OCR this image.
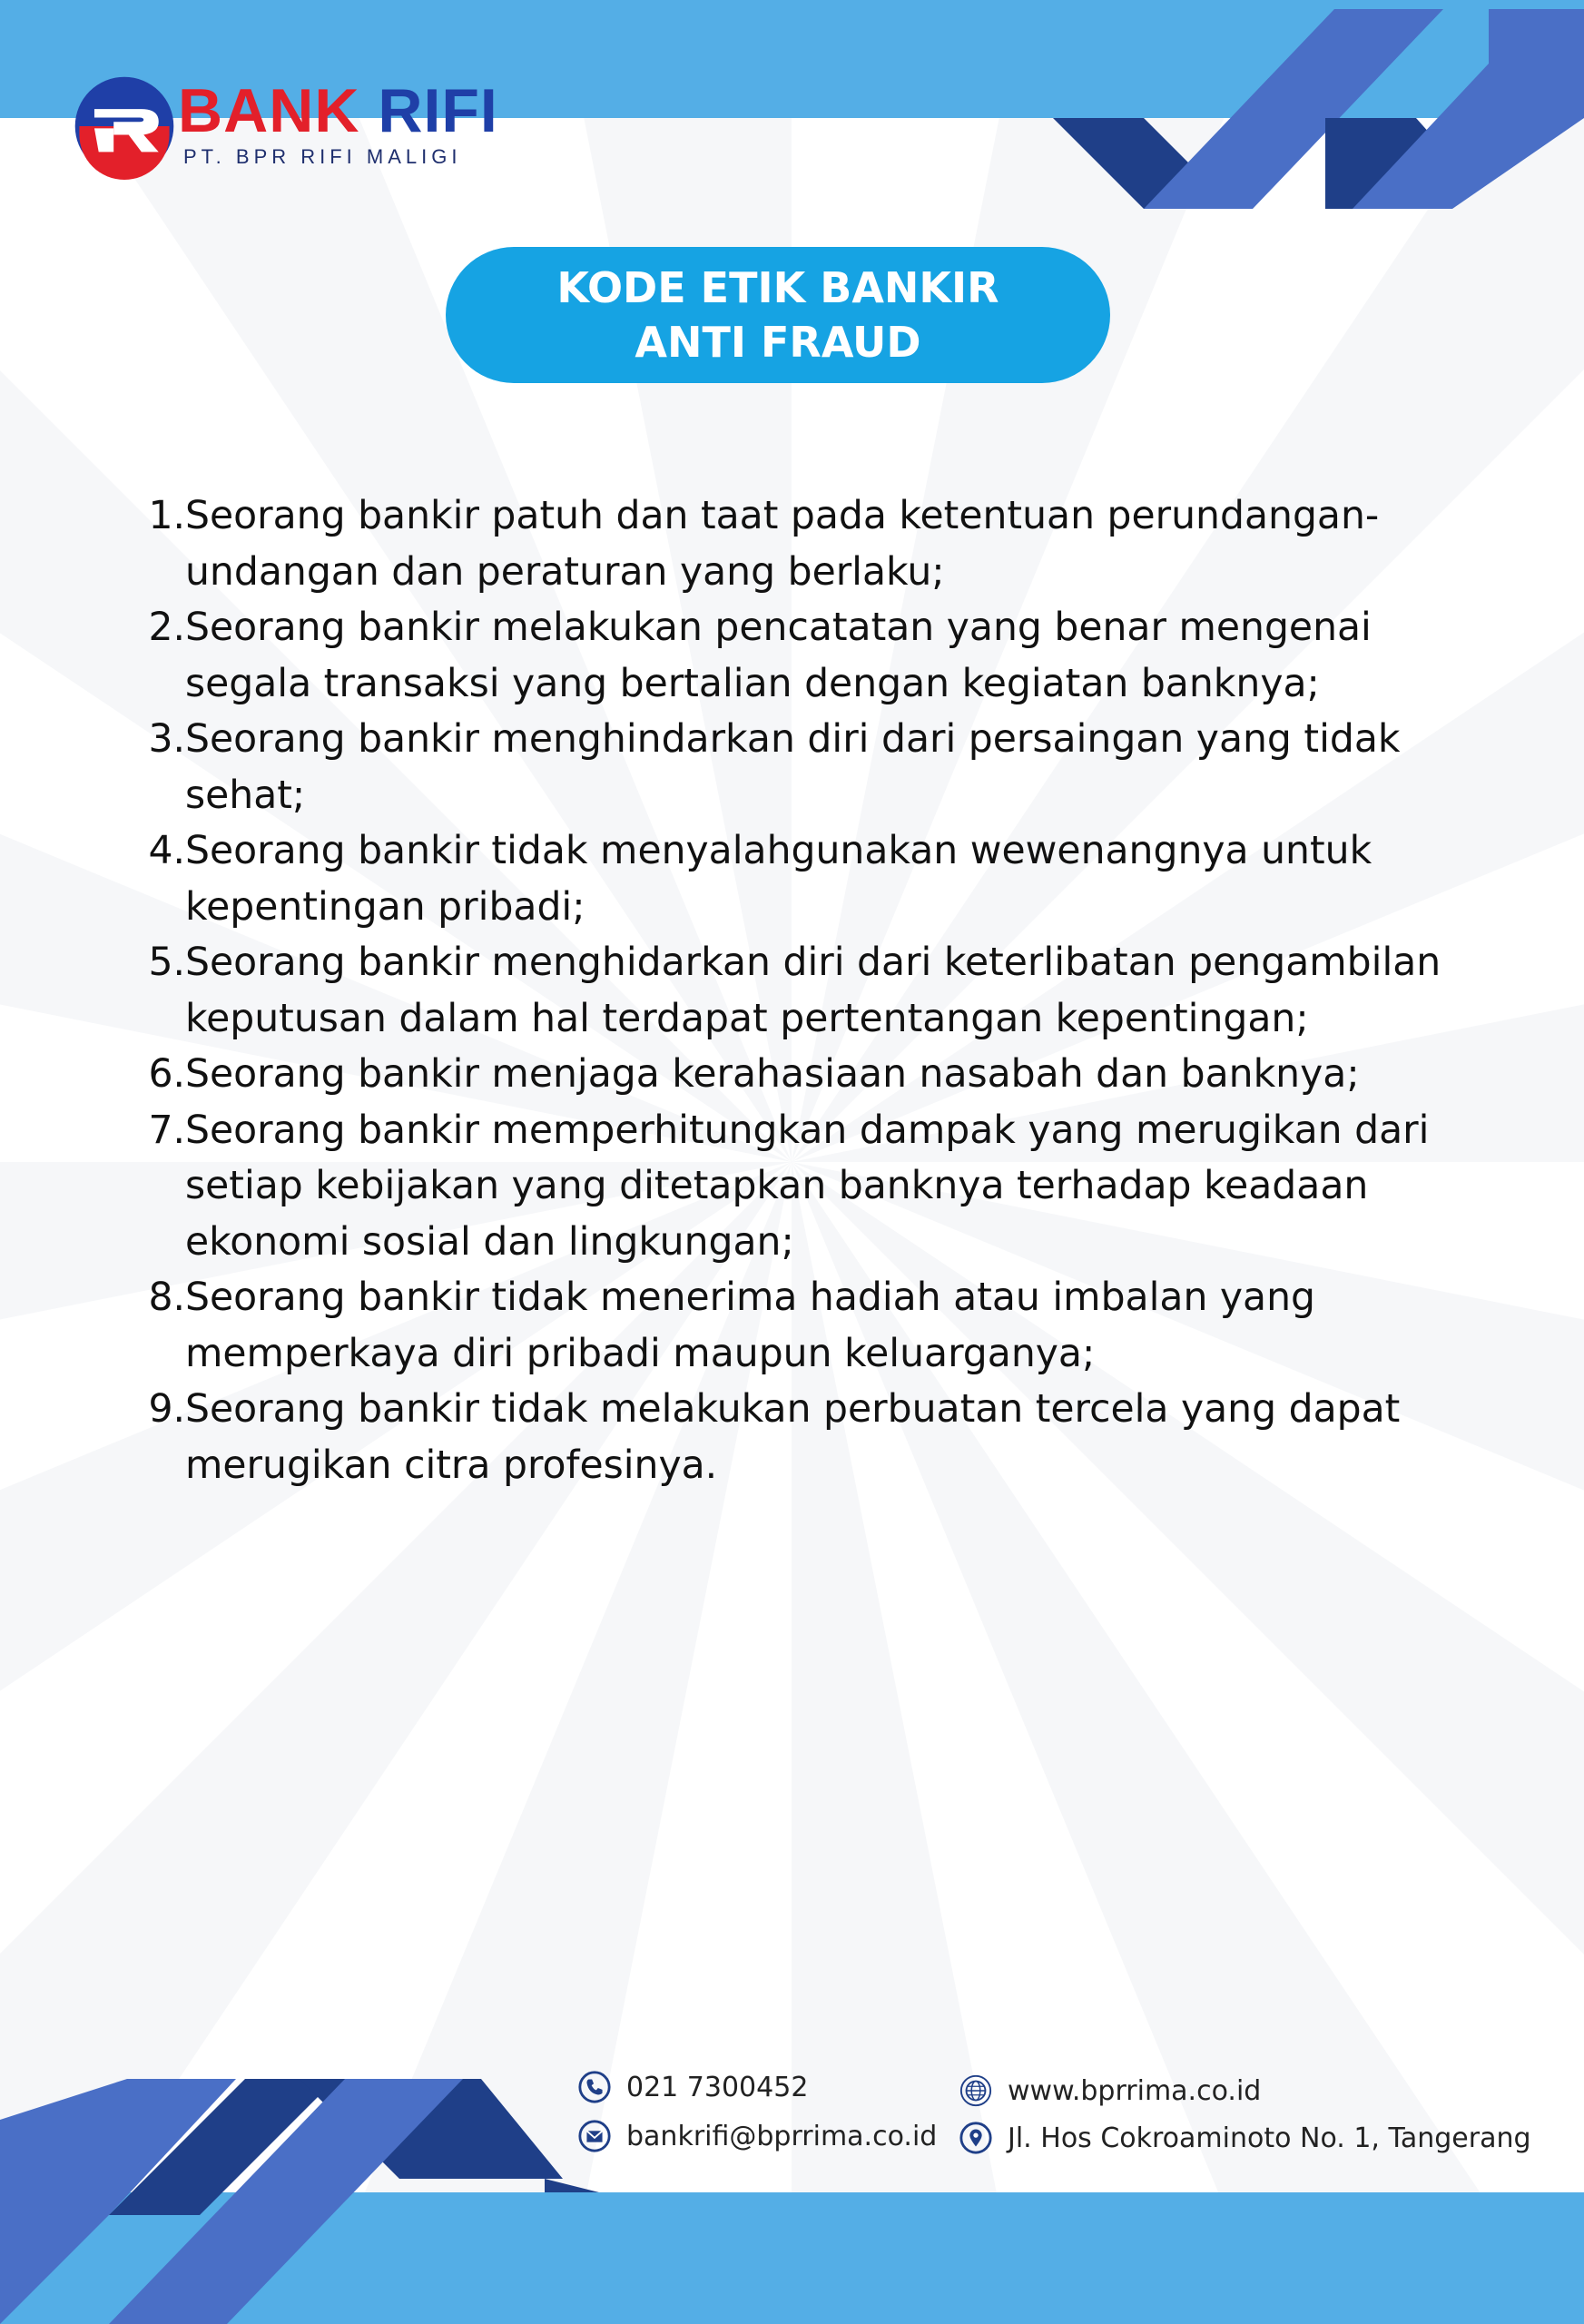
BANK RIFI
PT. BPR RIFI MALIGI
KODE ETIK BANKIR
ANTI FRAUD
1. Seorang bankir patuh dan taat pada ketentuan perundangan-undangan dan peraturan yang berlaku;
2. Seorang bankir melakukan pencatatan yang benar mengenai segala transaksi yang bertalian dengan kegiatan banknya;
3. Seorang bankir menghindarkan diri dari persaingan yang tidak sehat;
4. Seorang bankir tidak menyalahgunakan wewenangnya untuk kepentingan pribadi;
5. Seorang bankir menghidarkan diri dari keterlibatan pengambilan keputusan dalam hal terdapat pertentangan kepentingan;
6. Seorang bankir menjaga kerahasiaan nasabah dan banknya;
7. Seorang bankir memperhitungkan dampak yang merugikan dari setiap kebijakan yang ditetapkan banknya terhadap keadaan ekonomi sosial dan lingkungan;
8. Seorang bankir tidak menerima hadiah atau imbalan yang memperkaya diri pribadi maupun keluarganya;
9. Seorang bankir tidak melakukan perbuatan tercela yang dapat merugikan citra profesinya.
021 7300452
bankrifi@bprrima.co.id
www.bprrima.co.id
Jl. Hos Cokroaminoto No. 1, Tangerang
